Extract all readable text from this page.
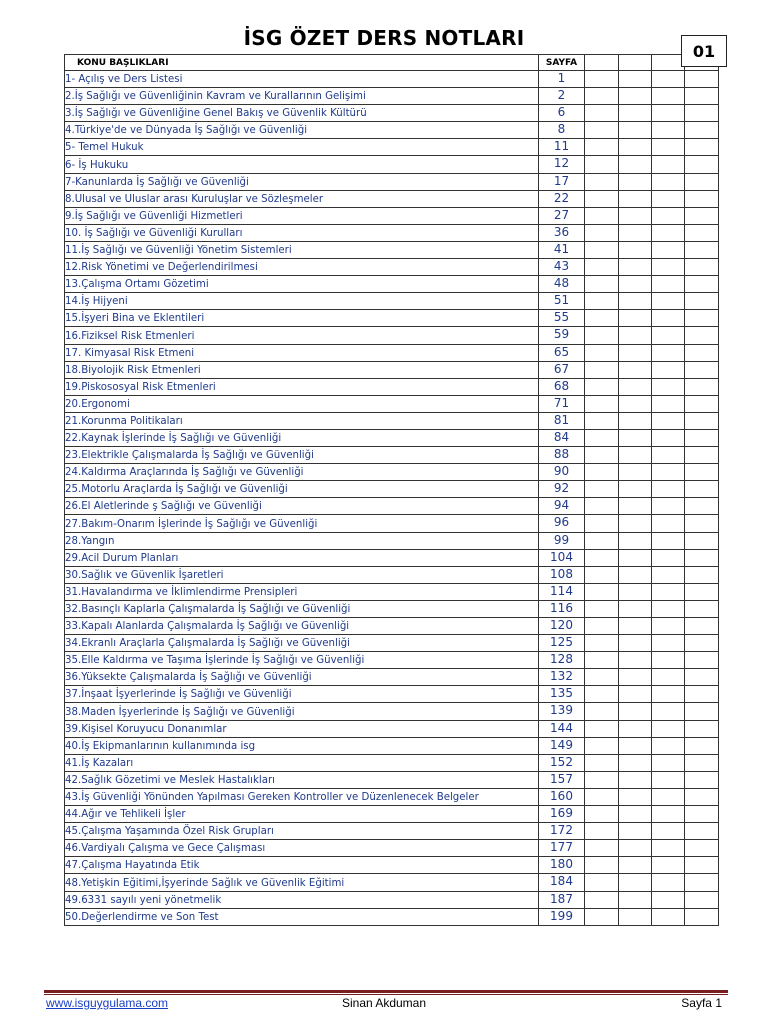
İSG ÖZET DERS NOTLARI
01
KONU BAŞLIKLARI	SAYFA				
1- Açılış ve Ders Listesi	1				
2.İş Sağlığı ve Güvenliğinin Kavram ve Kurallarının Gelişimi	2				
3.İş Sağlığı ve Güvenliğine Genel Bakış ve Güvenlik Kültürü	6				
4.Türkiye'de ve Dünyada İş Sağlığı ve Güvenliği	8				
5- Temel Hukuk	11				
6- İş Hukuku	12				
7-Kanunlarda İş Sağlığı ve Güvenliği	17				
8.Ulusal ve Uluslar arası Kuruluşlar ve Sözleşmeler	22				
9.İş Sağlığı ve Güvenliği Hizmetleri	27				
10. İş Sağlığı ve Güvenliği Kurulları	36				
11.İş Sağlığı ve Güvenliği Yönetim Sistemleri	41				
12.Risk Yönetimi ve Değerlendirilmesi	43				
13.Çalışma Ortamı Gözetimi	48				
14.İş Hijyeni	51				
15.İşyeri Bina ve Eklentileri	55				
16.Fiziksel Risk Etmenleri	59				
17. Kimyasal Risk Etmeni	65				
18.Biyolojik Risk Etmenleri	67				
19.Piskososyal Risk Etmenleri	68				
20.Ergonomi	71				
21.Korunma Politikaları	81				
22.Kaynak İşlerinde İş Sağlığı ve Güvenliği	84				
23.Elektrikle Çalışmalarda İş Sağlığı ve Güvenliği	88				
24.Kaldırma Araçlarında İş Sağlığı ve Güvenliği	90				
25.Motorlu Araçlarda İş Sağlığı ve Güvenliği	92				
26.El Aletlerinde ş Sağlığı ve Güvenliği	94				
27.Bakım-Onarım İşlerinde İş Sağlığı ve Güvenliği	96				
28.Yangın	99				
29.Acil Durum Planları	104				
30.Sağlık ve Güvenlik İşaretleri	108				
31.Havalandırma ve İklimlendirme Prensipleri	114				
32.Basınçlı Kaplarla Çalışmalarda İş Sağlığı ve Güvenliği	116				
33.Kapalı Alanlarda Çalışmalarda İş Sağlığı ve Güvenliği	120				
34.Ekranlı Araçlarla Çalışmalarda İş Sağlığı ve Güvenliği	125				
35.Elle Kaldırma ve Taşıma İşlerinde İş Sağlığı ve Güvenliği	128				
36.Yüksekte Çalışmalarda İş Sağlığı ve Güvenliği	132				
37.İnşaat İşyerlerinde İş Sağlığı ve Güvenliği	135				
38.Maden İşyerlerinde İş Sağlığı ve Güvenliği	139				
39.Kişisel Koruyucu Donanımlar	144				
40.İş Ekipmanlarının kullanımında isg	149				
41.İş Kazaları	152				
42.Sağlık Gözetimi ve Meslek Hastalıkları	157				
43.İş Güvenliği Yönünden Yapılması Gereken Kontroller ve Düzenlenecek Belgeler	160				
44.Ağır ve Tehlikeli İşler	169				
45.Çalışma Yaşamında Özel Risk Grupları	172				
46.Vardiyalı Çalışma ve Gece Çalışması	177				
47.Çalışma Hayatında Etik	180				
48.Yetişkin Eğitimi,İşyerinde Sağlık ve Güvenlik Eğitimi	184				
49.6331 sayılı yeni yönetmelik	187				
50.Değerlendirme ve Son Test	199				
www.isguygulama.com	Sinan Akduman	Sayfa 1
